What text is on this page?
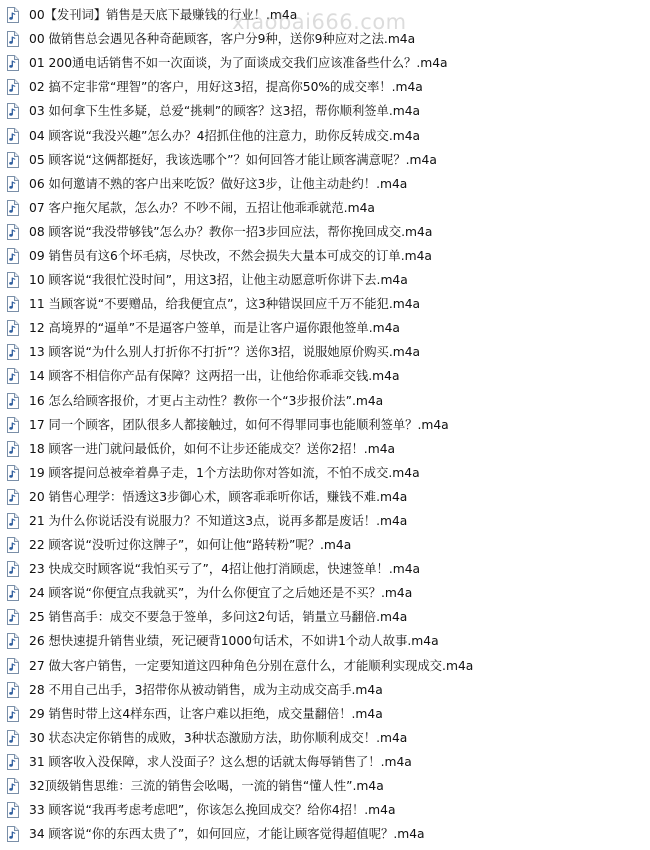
xiaobai666.com
00【发刊词】销售是天底下最赚钱的行业！.m4a
00 做销售总会遇见各种奇葩顾客，客户分9种，送你9种应对之法.m4a
01 200通电话销售不如一次面谈，为了面谈成交我们应该准备些什么？.m4a
02 搞不定非常“理智”的客户，用好这3招，提高你50%的成交率！.m4a
03 如何拿下生性多疑，总爱“挑刺”的顾客？这3招，帮你顺利签单.m4a
04 顾客说“我没兴趣”怎么办？4招抓住他的注意力，助你反转成交.m4a
05 顾客说“这俩都挺好，我该选哪个”？如何回答才能让顾客满意呢？.m4a
06 如何邀请不熟的客户出来吃饭？做好这3步，让他主动赴约！.m4a
07 客户拖欠尾款，怎么办？不吵不闹，五招让他乖乖就范.m4a
08 顾客说“我没带够钱”怎么办？教你一招3步回应法，帮你挽回成交.m4a
09 销售员有这6个坏毛病，尽快改，不然会损失大量本可成交的订单.m4a
10 顾客说“我很忙没时间”，用这3招，让他主动愿意听你讲下去.m4a
11 当顾客说“不要赠品，给我便宜点”，这3种错误回应千万不能犯.m4a
12 高境界的“逼单”不是逼客户签单，而是让客户逼你跟他签单.m4a
13 顾客说“为什么别人打折你不打折”？送你3招，说服她原价购买.m4a
14 顾客不相信你产品有保障？这两招一出，让他给你乖乖交钱.m4a
16 怎么给顾客报价，才更占主动性？教你一个“3步报价法”.m4a
17 同一个顾客，团队很多人都接触过，如何不得罪同事也能顺利签单？.m4a
18 顾客一进门就问最低价，如何不让步还能成交？送你2招！.m4a
19 顾客提问总被牵着鼻子走，1个方法助你对答如流，不怕不成交.m4a
20 销售心理学：悟透这3步御心术，顾客乖乖听你话，赚钱不难.m4a
21 为什么你说话没有说服力？不知道这3点，说再多都是废话！.m4a
22 顾客说“没听过你这牌子”，如何让他“路转粉”呢？.m4a
23 快成交时顾客说“我怕买亏了”，4招让他打消顾虑，快速签单！.m4a
24 顾客说“你便宜点我就买”，为什么你便宜了之后她还是不买？.m4a
25 销售高手：成交不要急于签单，多问这2句话，销量立马翻倍.m4a
26 想快速提升销售业绩，死记硬背1000句话术，不如讲1个动人故事.m4a
27 做大客户销售，一定要知道这四种角色分别在意什么，才能顺利实现成交.m4a
28 不用自己出手，3招带你从被动销售，成为主动成交高手.m4a
29 销售时带上这4样东西，让客户难以拒绝，成交量翻倍！.m4a
30 状态决定你销售的成败，3种状态激励方法，助你顺利成交！.m4a
31 顾客收入没保障，求人没面子？这么想的话就太侮辱销售了！.m4a
32顶级销售思维：三流的销售会吆喝，一流的销售“懂人性”.m4a
33 顾客说“我再考虑考虑吧”，你该怎么挽回成交？给你4招！.m4a
34 顾客说“你的东西太贵了”，如何回应，才能让顾客觉得超值呢？.m4a
